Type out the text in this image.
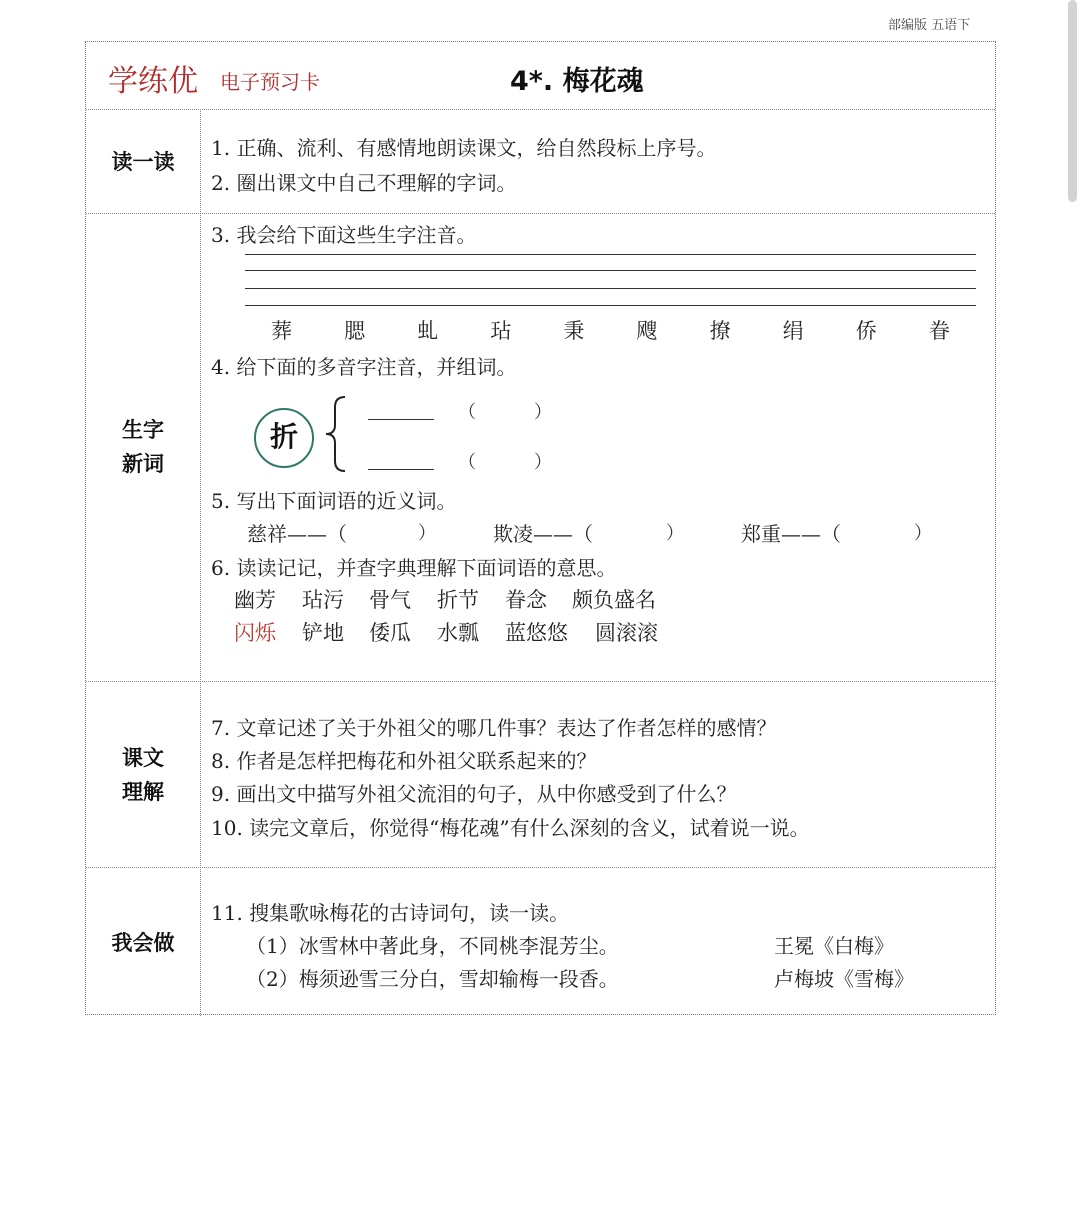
部编版 五语下
学练优 电子预习卡	4*. 梅花魂
读一读
1. 正确、流利、有感情地朗读课文，给自然段标上序号。
2. 圈出课文中自己不理解的字词。
生字
新词
3. 我会给下面这些生字注音。
葬 腮 虬 玷 秉 飕 撩 绢 侨 眷
4. 给下面的多音字注音，并组词。
折
（	）
（	）
5. 写出下面词语的近义词。
慈祥——（	）	欺凌——（	）	郑重——（	）
6. 读读记记，并查字典理解下面词语的意思。
幽芳 玷污 骨气 折节 眷念 颇负盛名
闪烁 铲地 倭瓜 水瓢 蓝悠悠 圆滚滚
课文
理解
7. 文章记述了关于外祖父的哪几件事？表达了作者怎样的感情？
8. 作者是怎样把梅花和外祖父联系起来的？
9. 画出文中描写外祖父流泪的句子，从中你感受到了什么？
10. 读完文章后，你觉得“梅花魂”有什么深刻的含义，试着说一说。
我会做
11. 搜集歌咏梅花的古诗词句，读一读。
（1）冰雪林中著此身，不同桃李混芳尘。	王冕《白梅》
（2）梅须逊雪三分白，雪却输梅一段香。	卢梅坡《雪梅》
